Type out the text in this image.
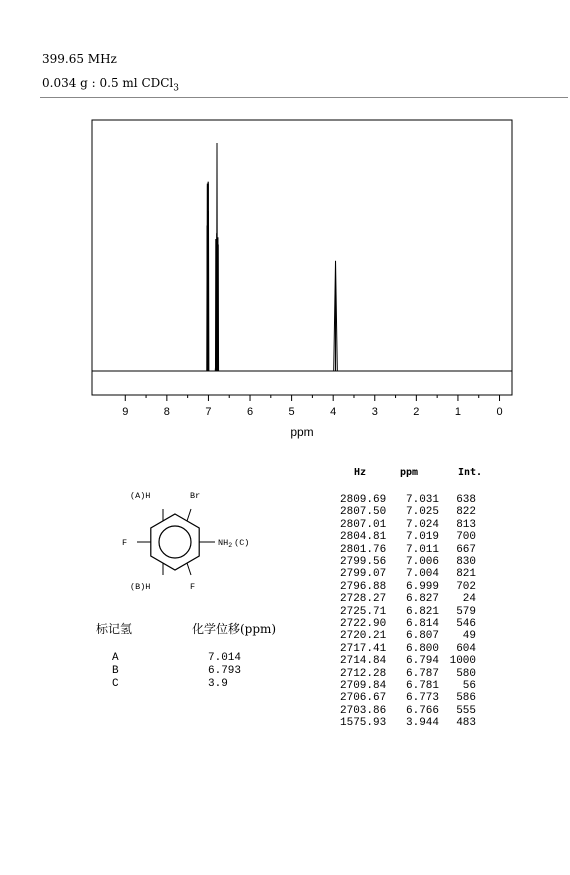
399.65 MHz
0.034 g : 0.5 ml CDCl$_3$
9	8	7	6	5	4	3	2	1	0
ppm
Hz	ppm	Int.
2809.69 7.031 638
2807.50 7.025 822
2807.01 7.024 813
2804.81 7.019 700
2801.76 7.011 667
2799.56 7.006 830
2799.07 7.004 821
2796.88 6.999 702
2728.27 6.827 24
2725.71 6.821 579
2722.90 6.814 546
2720.21 6.807 49
2717.41 6.800 604
2714.84 6.794 1000
2712.28 6.787 580
2709.84 6.781 56
2706.67 6.773 586
2703.86 6.766 555
1575.93 3.944 483
(A)H	Br
F	$NH_2$ (C)
(B)H	F
标记氢	化学位移(ppm)
A	7.014
B	6.793
C	3.9
